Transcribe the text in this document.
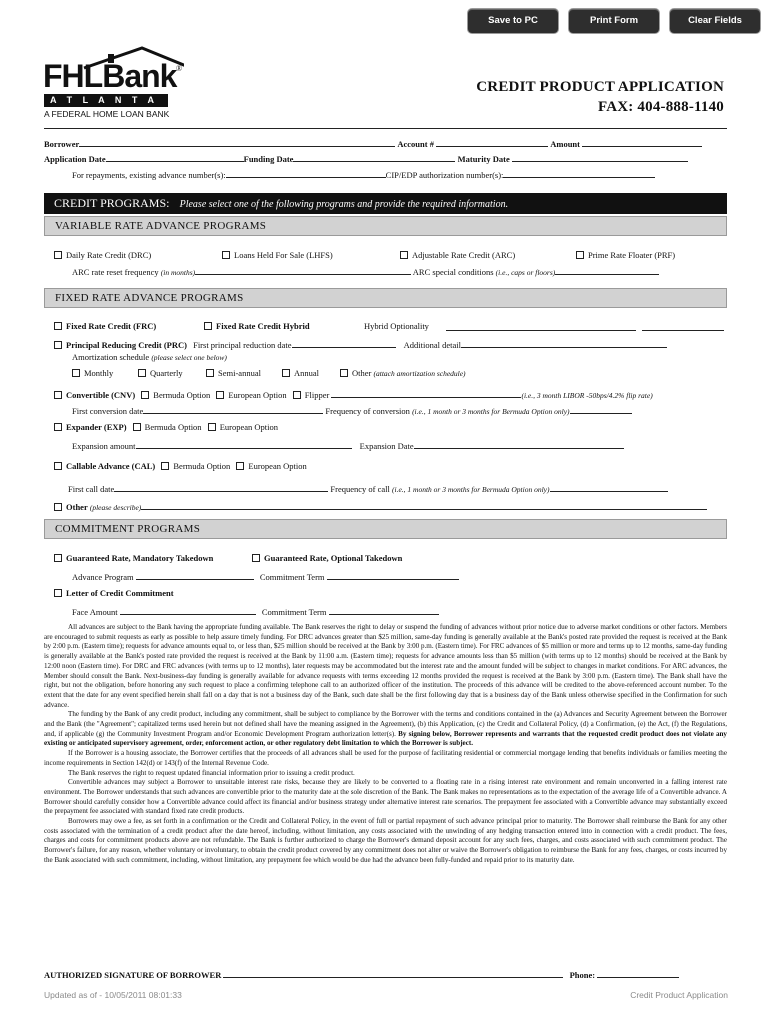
Save to PC	Print Form	Clear Fields
FHLBank ®
A T L A N T A
A FEDERAL HOME LOAN BANK
CREDIT PRODUCT APPLICATION
FAX: 404-888-1140
Borrower	Account #	Amount
Application Date	Funding Date	Maturity Date
For repayments, existing advance number(s):	CIP/EDP authorization number(s):
CREDIT PROGRAMS: Please select one of the following programs and provide the required information.
VARIABLE RATE ADVANCE PROGRAMS
Daily Rate Credit (DRC)	Loans Held For Sale (LHFS)	Adjustable Rate Credit (ARC)	Prime Rate Floater (PRF)
ARC rate reset frequency (in months)	ARC special conditions (i.e., caps or floors)
FIXED RATE ADVANCE PROGRAMS
Fixed Rate Credit (FRC)	Fixed Rate Credit Hybrid	Hybrid Optionality
Principal Reducing Credit (PRC) First principal reduction date	Additional detail
Amortization schedule (please select one below)
Monthly	Quarterly	Semi-annual	Annual	Other (attach amortization schedule)
Convertible (CNV) Bermuda Option European Option Flipper	(i.e., 3 month LIBOR -50bps/4.2% flip rate)
First conversion date	Frequency of conversion (i.e., 1 month or 3 months for Bermuda Option only)
Expander (EXP) Bermuda Option European Option
Expansion amount	Expansion Date
Callable Advance (CAL) Bermuda Option European Option
First call date	Frequency of call (i.e., 1 month or 3 months for Bermuda Option only)
Other (please describe)
COMMITMENT PROGRAMS
Guaranteed Rate, Mandatory Takedown	Guaranteed Rate, Optional Takedown
Advance Program	Commitment Term
Letter of Credit Commitment
Face Amount	Commitment Term

All advances are subject to the Bank having the appropriate funding available. The Bank reserves the right to delay or suspend the funding of advances without prior notice due to adverse market conditions or other factors. Members are encouraged to submit requests as early as possible to help assure timely funding. For DRC advances greater than $25 million, same-day funding is generally available at the Bank's posted rate provided the request is received at the Bank by 2:00 p.m. (Eastern time); requests for advance amounts equal to, or less than, $25 million should be received at the Bank by 3:00 p.m. (Eastern time). For FRC advances of $5 million or more and terms up to 12 months, same-day funding is generally available at the Bank's posted rate provided the request is received at the Bank by 11:00 a.m. (Eastern time); requests for advance amounts less than $5 million (with terms up to 12 months) should be received at the Bank by 12:00 noon (Eastern time). For DRC and FRC advances (with terms up to 12 months), later requests may be accommodated but the interest rate and the amount funded will be subject to changes in market conditions. For ARC advances, the Member should consult the Bank. Next-business-day funding is generally available for advance requests with terms exceeding 12 months provided the request is received at the Bank by 3:00 p.m. (Eastern time). The Bank shall have the right, but not the obligation, before honoring any such request to place a confirming telephone call to an authorized officer of the institution. The proceeds of this advance will be credited to the above-referenced account number. To the extent that the date for any event specified herein shall fall on a day that is not a business day of the Bank, such date shall be the first following day that is a business day of the Bank unless otherwise specified in the Confirmation for such advance.

The funding by the Bank of any credit product, including any commitment, shall be subject to compliance by the Borrower with the terms and conditions contained in the (a) Advances and Security Agreement between the Borrower and the Bank (the "Agreement"; capitalized terms used herein but not defined shall have the meaning assigned in the Agreement), (b) this Application, (c) the Credit and Collateral Policy, (d) a Confirmation, (e) the Act, (f) the Regulations, and, if applicable (g) the Community Investment Program and/or Economic Development Program authorization letter(s). By signing below, Borrower represents and warrants that the requested credit product does not violate any existing or anticipated supervisory agreement, order, enforcement action, or other regulatory debt limitation to which the Borrower is subject.

If the Borrower is a housing associate, the Borrower certifies that the proceeds of all advances shall be used for the purpose of facilitating residential or commercial mortgage lending that benefits individuals or families meeting the income requirements in Section 142(d) or 143(f) of the Internal Revenue Code.

The Bank reserves the right to request updated financial information prior to issuing a credit product.

Convertible advances may subject a Borrower to unsuitable interest rate risks, because they are likely to be converted to a floating rate in a rising interest rate environment and remain unconverted in a falling interest rate environment. The Borrower understands that such advances are convertible prior to the maturity date at the sole discretion of the Bank. The Bank makes no representations as to the expectation of the average life of a Convertible advance. A Borrower should carefully consider how a Convertible advance could affect its financial and/or business strategy under alternative interest rate scenarios. The prepayment fee associated with a Convertible advance may substantially exceed the prepayment fee associated with standard fixed rate credit products.

Borrowers may owe a fee, as set forth in a confirmation or the Credit and Collateral Policy, in the event of full or partial repayment of such advance principal prior to maturity. The Borrower shall reimburse the Bank for any other costs associated with the termination of a credit product after the date hereof, including, without limitation, any costs associated with the unwinding of any hedging transaction entered into in connection with a credit product. The fees, charges and costs for commitment products above are not refundable. The Bank is further authorized to charge the Borrower's demand deposit account for any such fees, charges, and costs associated with such commitment product. The Borrower's failure, for any reason, whether voluntary or involuntary, to obtain the credit product covered by any commitment does not alter or waive the Borrower's obligation to reimburse the Bank for any fees, charges, or costs incurred by the Bank associated with such commitment, including, without limitation, any prepayment fee which would be due had the advance been fully-funded and repaid prior to its maturity date.

AUTHORIZED SIGNATURE OF BORROWER	Phone:
Updated as of - 10/05/2011 08:01:33	Credit Product Application
